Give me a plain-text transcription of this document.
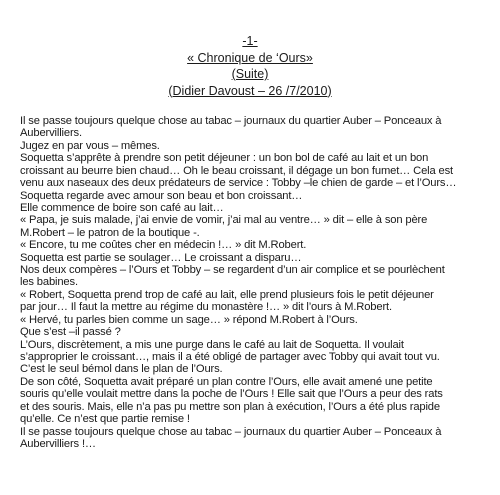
-1-
« Chronique de ‘Ours»
(Suite)
(Didier Davoust – 26 /7/2010)
Il se passe toujours quelque chose au tabac – journaux du quartier Auber – Ponceaux à
Aubervilliers.
Jugez en par vous – mêmes.
Soquetta s’apprête à prendre son petit déjeuner : un bon bol de café au lait et un bon
croissant au beurre bien chaud… Oh le beau croissant, il dégage un bon fumet… Cela est
venu aux naseaux des deux prédateurs de service : Tobby –le chien de garde – et l’Ours…
Soquetta regarde avec amour son beau et bon croissant…
Elle commence de boire son café au lait…
« Papa, je suis malade, j’ai envie de vomir, j’ai mal au ventre… » dit – elle à son père
M.Robert – le patron de la boutique -.
« Encore, tu me coûtes cher en médecin !… » dit M.Robert.
Soquetta est partie se soulager… Le croissant a disparu…
Nos deux compères – l’Ours et Tobby – se regardent d’un air complice et se pourlèchent
les babines.
« Robert, Soquetta prend trop de café au lait, elle prend plusieurs fois le petit déjeuner
par jour… Il faut la mettre au régime du monastère !… » dit l’ours à M.Robert.
« Hervé, tu parles bien comme un sage… » répond M.Robert à l’Ours.
Que s’est –il passé ?
L’Ours, discrètement, a mis une purge dans le café au lait de Soquetta. Il voulait
s’approprier le croissant…, mais il a été obligé de partager avec Tobby qui avait tout vu.
C’est le seul bémol dans le plan de l’Ours.
De son côté, Soquetta avait préparé un plan contre l’Ours, elle avait amené une petite
souris qu’elle voulait mettre dans la poche de l’Ours ! Elle sait que l’Ours a peur des rats
et des souris. Mais, elle n’a pas pu mettre son plan à exécution, l’Ours a été plus rapide
qu’elle. Ce n’est que partie remise !
Il se passe toujours quelque chose au tabac – journaux du quartier Auber – Ponceaux à
Aubervilliers !…
